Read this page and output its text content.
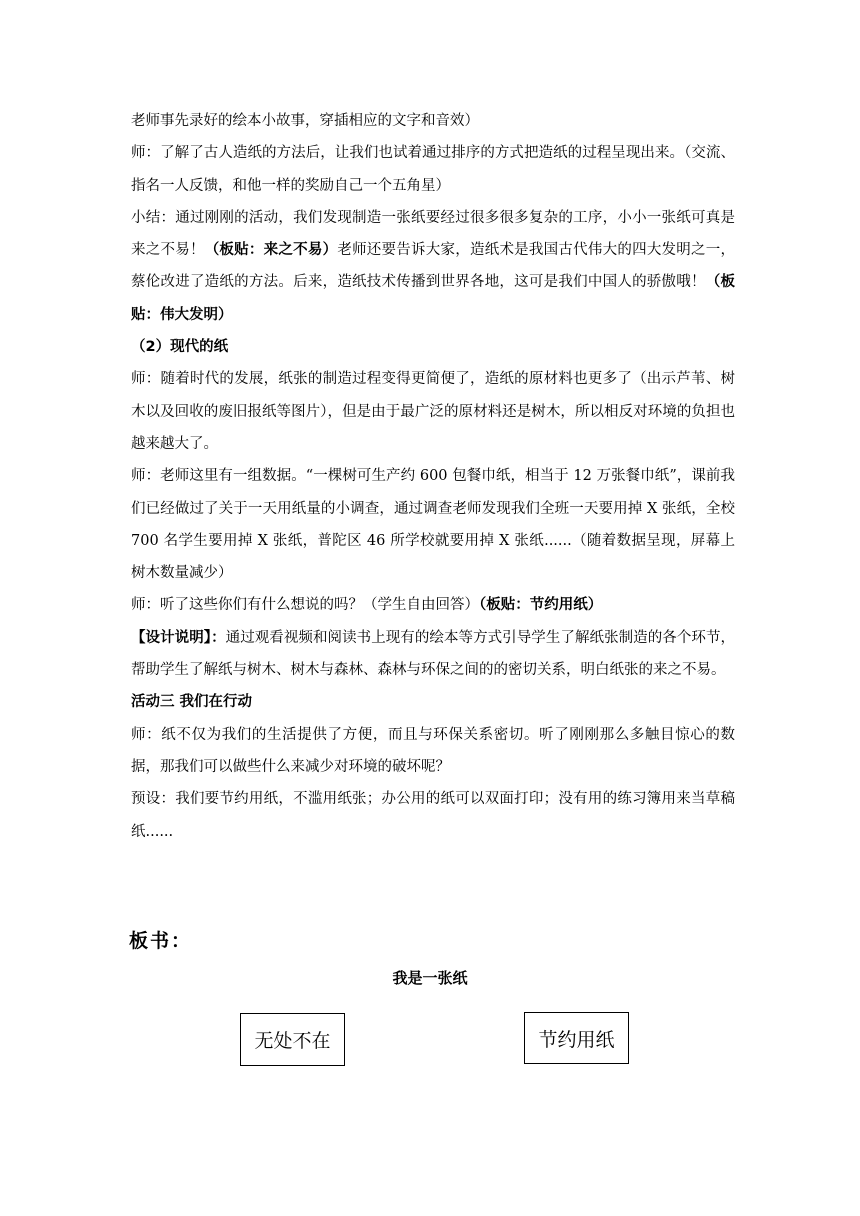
老师事先录好的绘本小故事，穿插相应的文字和音效）

师：了解了古人造纸的方法后，让我们也试着通过排序的方式把造纸的过程呈现出来。（交流、指名一人反馈，和他一样的奖励自己一个五角星）

小结：通过刚刚的活动，我们发现制造一张纸要经过很多很多复杂的工序，小小一张纸可真是来之不易！（板贴：来之不易）老师还要告诉大家，造纸术是我国古代伟大的四大发明之一，蔡伦改进了造纸的方法。后来，造纸技术传播到世界各地，这可是我们中国人的骄傲哦！（板贴：伟大发明）

（2）现代的纸

师：随着时代的发展，纸张的制造过程变得更简便了，造纸的原材料也更多了（出示芦苇、树木以及回收的废旧报纸等图片），但是由于最广泛的原材料还是树木，所以相反对环境的负担也越来越大了。

师：老师这里有一组数据。“一棵树可生产约 600 包餐巾纸，相当于 12 万张餐巾纸”，课前我们已经做过了关于一天用纸量的小调查，通过调查老师发现我们全班一天要用掉 X 张纸，全校 700 名学生要用掉 X 张纸，普陀区 46 所学校就要用掉 X 张纸......（随着数据呈现，屏幕上树木数量减少）

师：听了这些你们有什么想说的吗？（学生自由回答）（板贴：节约用纸）

【设计说明】：通过观看视频和阅读书上现有的绘本等方式引导学生了解纸张制造的各个环节，帮助学生了解纸与树木、树木与森林、森林与环保之间的的密切关系，明白纸张的来之不易。

活动三 我们在行动

师：纸不仅为我们的生活提供了方便，而且与环保关系密切。听了刚刚那么多触目惊心的数据，那我们可以做些什么来减少对环境的破坏呢？

预设：我们要节约用纸，不滥用纸张；办公用的纸可以双面打印；没有用的练习簿用来当草稿纸......

板书：
我是一张纸
无处不在	节约用纸
